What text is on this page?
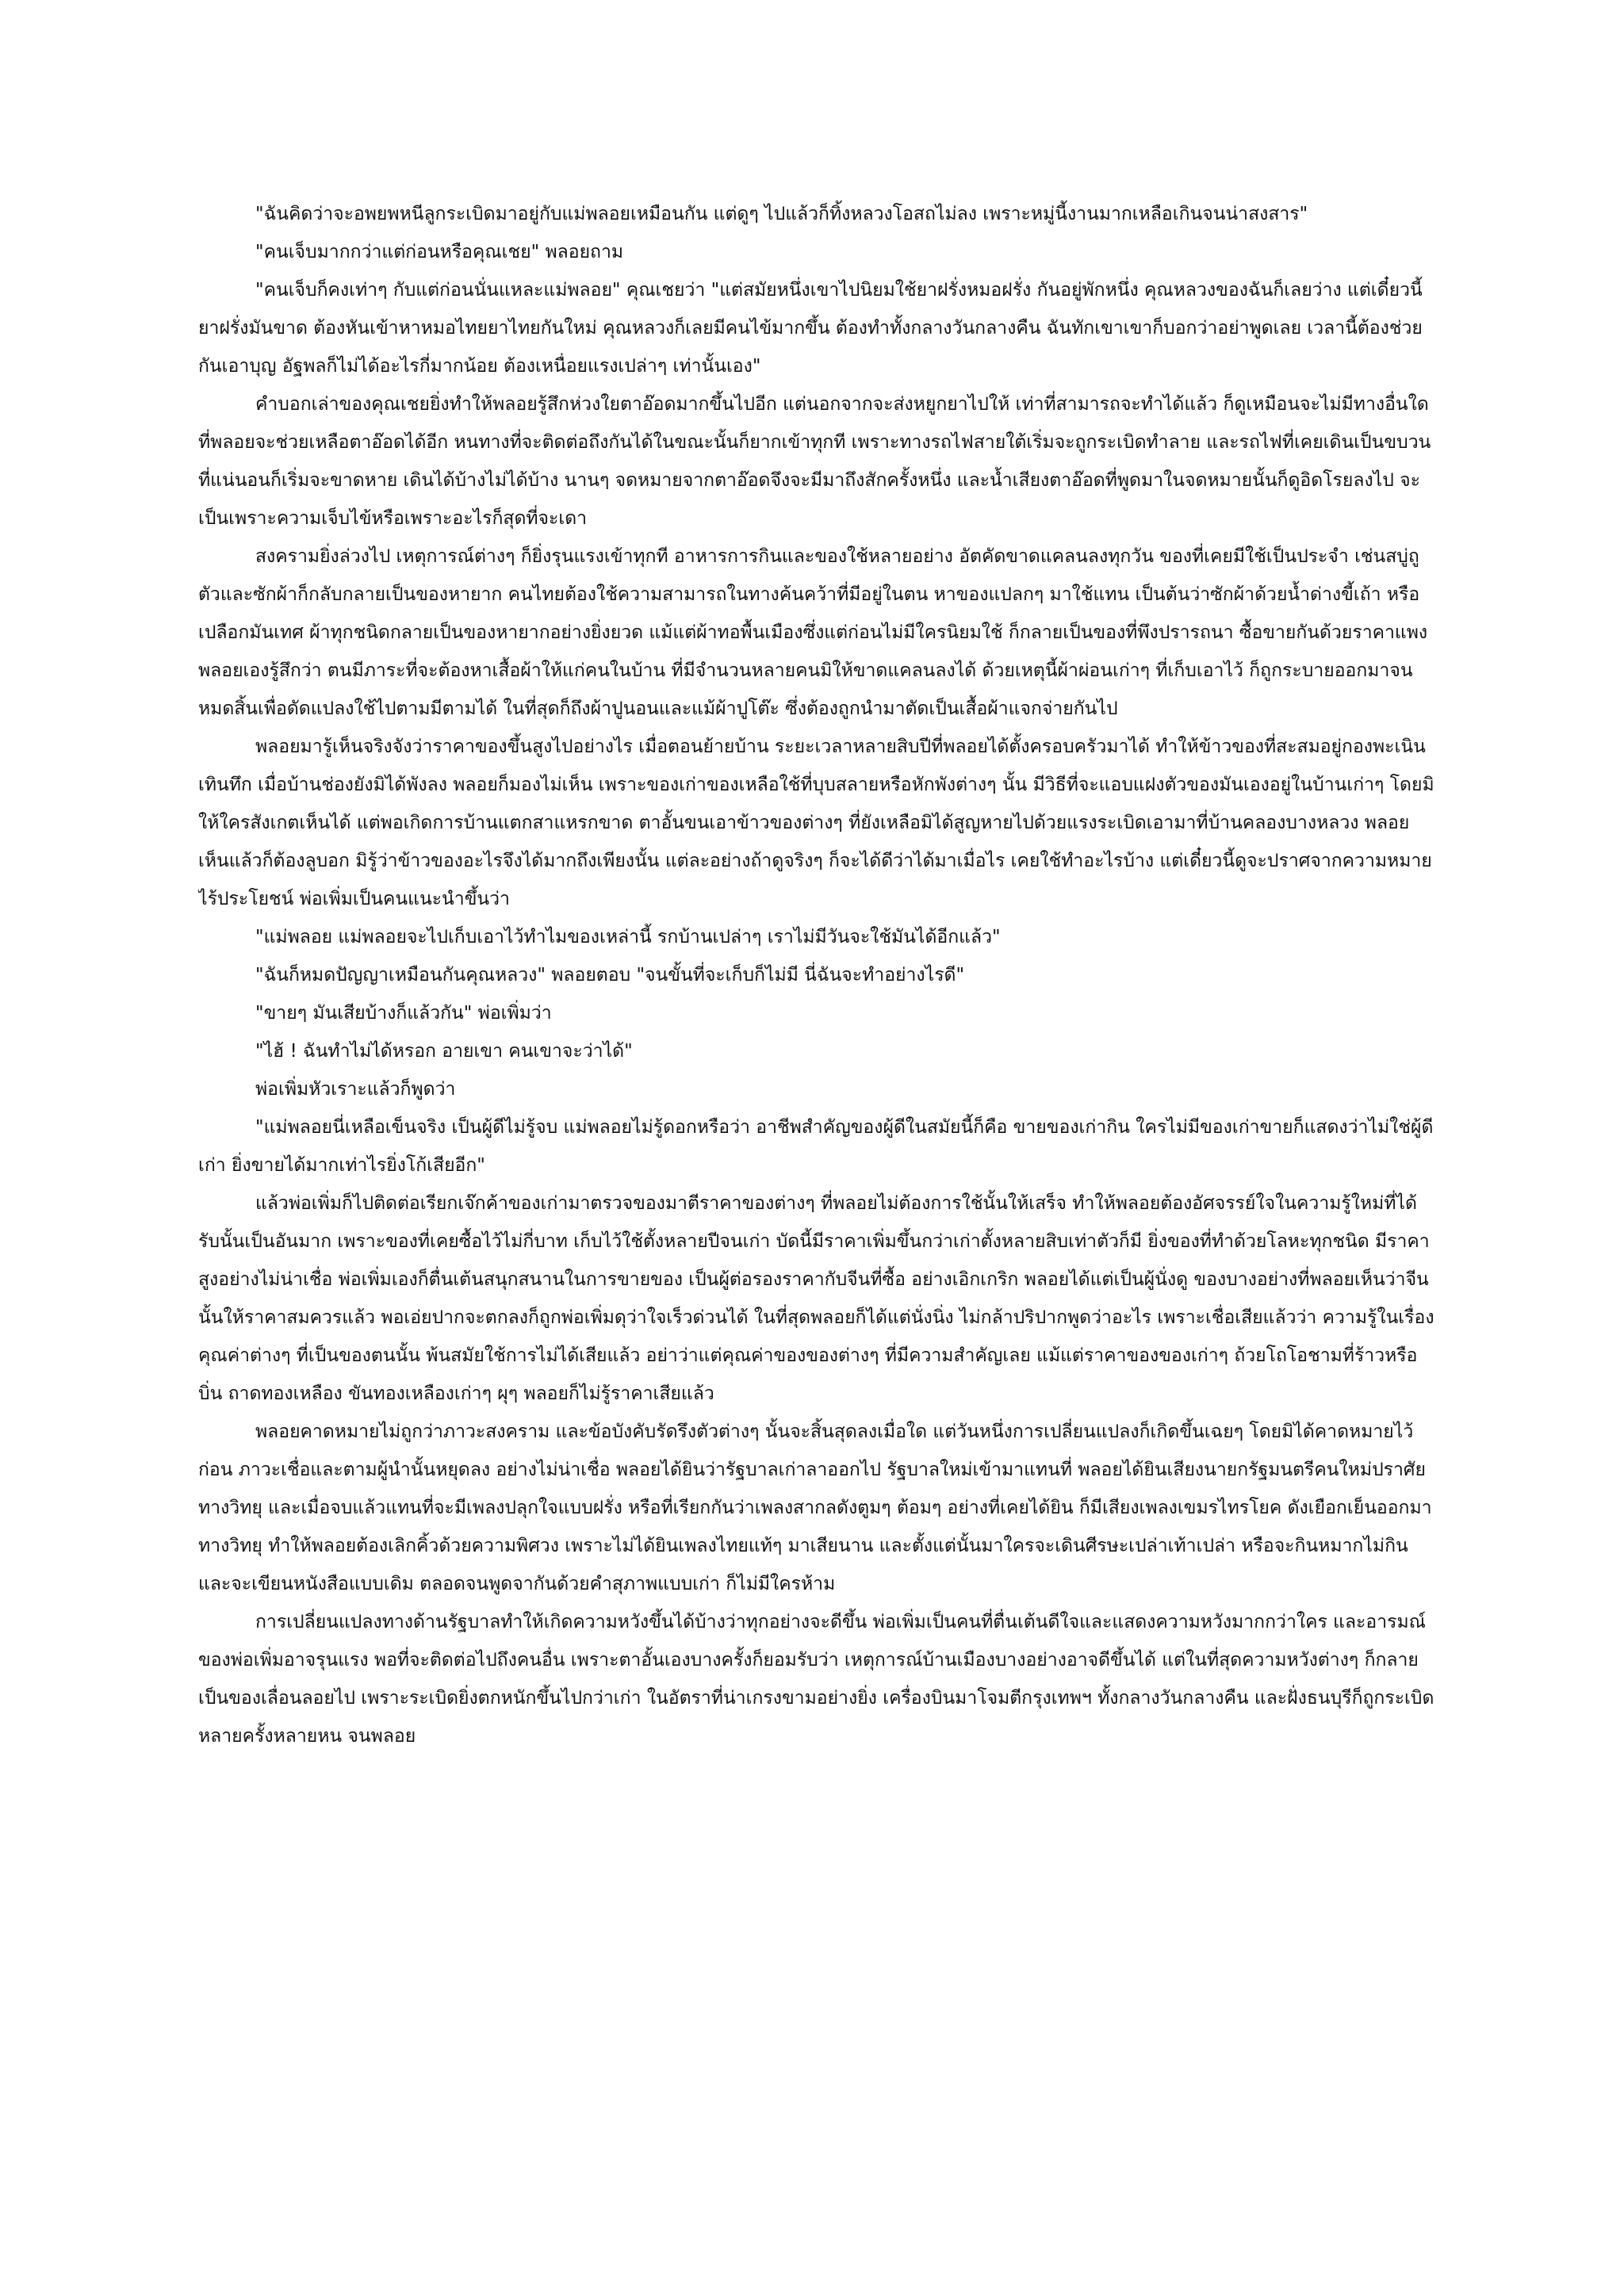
"ฉันคิดว่าจะอพยพหนีลูกระเบิดมาอยู่กับแม่พลอยเหมือนกัน แต่ดูๆ ไปแล้วก็ทิ้งหลวงโอสถไม่ลง เพราะหมู่นี้งานมากเหลือเกินจนน่าสงสาร"

"คนเจ็บมากกว่าแต่ก่อนหรือคุณเชย" พลอยถาม

"คนเจ็บก็คงเท่าๆ กับแต่ก่อนนั่นแหละแม่พลอย" คุณเชยว่า "แต่สมัยหนึ่งเขาไปนิยมใช้ยาฝรั่งหมอฝรั่ง กันอยู่พักหนึ่ง คุณหลวงของฉันก็เลยว่าง แต่เดี๋ยวนี้ยาฝรั่งมันขาด ต้องหันเข้าหาหมอไทยยาไทยกันใหม่ คุณหลวงก็เลยมีคนไข้มากขึ้น ต้องทำทั้งกลางวันกลางคืน ฉันทักเขาเขาก็บอกว่าอย่าพูดเลย เวลานี้ต้องช่วยกันเอาบุญ อัฐพลก็ไม่ได้อะไรกี่มากน้อย ต้องเหนื่อยแรงเปล่าๆ เท่านั้นเอง"

คำบอกเล่าของคุณเชยยิ่งทำให้พลอยรู้สึกห่วงใยตาอ๊อดมากขึ้นไปอีก แต่นอกจากจะส่งหยูกยาไปให้ เท่าที่สามารถจะทำได้แล้ว ก็ดูเหมือนจะไม่มีทางอื่นใดที่พลอยจะช่วยเหลือตาอ๊อดได้อีก หนทางที่จะติดต่อถึงกันได้ในขณะนั้นก็ยากเข้าทุกที เพราะทางรถไฟสายใต้เริ่มจะถูกระเบิดทำลาย และรถไฟที่เคยเดินเป็นขบวนที่แน่นอนก็เริ่มจะขาดหาย เดินได้บ้างไม่ได้บ้าง นานๆ จดหมายจากตาอ๊อดจึงจะมีมาถึงสักครั้งหนึ่ง และน้ำเสียงตาอ๊อดที่พูดมาในจดหมายนั้นก็ดูอิดโรยลงไป จะเป็นเพราะความเจ็บไข้หรือเพราะอะไรก็สุดที่จะเดา

สงครามยิ่งล่วงไป เหตุการณ์ต่างๆ ก็ยิ่งรุนแรงเข้าทุกที อาหารการกินและของใช้หลายอย่าง อัตคัดขาดแคลนลงทุกวัน ของที่เคยมีใช้เป็นประจำ เช่นสบู่ถูตัวและซักผ้าก็กลับกลายเป็นของหายาก คนไทยต้องใช้ความสามารถในทางค้นคว้าที่มีอยู่ในตน หาของแปลกๆ มาใช้แทน เป็นต้นว่าซักผ้าด้วยน้ำด่างขี้เถ้า หรือเปลือกมันเทศ ผ้าทุกชนิดกลายเป็นของหายากอย่างยิ่งยวด แม้แต่ผ้าทอพื้นเมืองซึ่งแต่ก่อนไม่มีใครนิยมใช้ ก็กลายเป็นของที่พึงปรารถนา ซื้อขายกันด้วยราคาแพง พลอยเองรู้สึกว่า ตนมีภาระที่จะต้องหาเสื้อผ้าให้แก่คนในบ้าน ที่มีจำนวนหลายคนมิให้ขาดแคลนลงได้ ด้วยเหตุนี้ผ้าผ่อนเก่าๆ ที่เก็บเอาไว้ ก็ถูกระบายออกมาจนหมดสิ้นเพื่อดัดแปลงใช้ไปตามมีตามได้ ในที่สุดก็ถึงผ้าปูนอนและแม้ผ้าปูโต๊ะ ซึ่งต้องถูกนำมาตัดเป็นเสื้อผ้าแจกจ่ายกันไป

พลอยมารู้เห็นจริงจังว่าราคาของขึ้นสูงไปอย่างไร เมื่อตอนย้ายบ้าน ระยะเวลาหลายสิบปีที่พลอยได้ตั้งครอบครัวมาได้ ทำให้ข้าวของที่สะสมอยู่กองพะเนินเทินทึก เมื่อบ้านช่องยังมิได้พังลง พลอยก็มองไม่เห็น เพราะของเก่าของเหลือใช้ที่บุบสลายหรือหักพังต่างๆ นั้น มีวิธีที่จะแอบแฝงตัวของมันเองอยู่ในบ้านเก่าๆ โดยมิให้ใครสังเกตเห็นได้ แต่พอเกิดการบ้านแตกสาแหรกขาด ตาอั้นขนเอาข้าวของต่างๆ ที่ยังเหลือมิได้สูญหายไปด้วยแรงระเบิดเอามาที่บ้านคลองบางหลวง พลอยเห็นแล้วก็ต้องลูบอก มิรู้ว่าข้าวของอะไรจึงได้มากถึงเพียงนั้น แต่ละอย่างถ้าดูจริงๆ ก็จะได้ดีว่าได้มาเมื่อไร เคยใช้ทำอะไรบ้าง แต่เดี๋ยวนี้ดูจะปราศจากความหมายไร้ประโยชน์ พ่อเพิ่มเป็นคนแนะนำขึ้นว่า

"แม่พลอย แม่พลอยจะไปเก็บเอาไว้ทำไมของเหล่านี้ รกบ้านเปล่าๆ เราไม่มีวันจะใช้มันได้อีกแล้ว"

"ฉันก็หมดปัญญาเหมือนกันคุณหลวง" พลอยตอบ "จนขั้นที่จะเก็บก็ไม่มี นี่ฉันจะทำอย่างไรดี"

"ขายๆ มันเสียบ้างก็แล้วกัน" พ่อเพิ่มว่า

"ไฮ้ ! ฉันทำไม่ได้หรอก อายเขา คนเขาจะว่าได้"

พ่อเพิ่มหัวเราะแล้วก็พูดว่า

"แม่พลอยนี่เหลือเข็นจริง เป็นผู้ดีไม่รู้จบ แม่พลอยไม่รู้ดอกหรือว่า อาชีพสำคัญของผู้ดีในสมัยนี้ก็คือ ขายของเก่ากิน ใครไม่มีของเก่าขายก็แสดงว่าไม่ใช่ผู้ดีเก่า ยิ่งขายได้มากเท่าไรยิ่งโก้เสียอีก"

แล้วพ่อเพิ่มก็ไปติดต่อเรียกเจ๊กค้าของเก่ามาตรวจของมาตีราคาของต่างๆ ที่พลอยไม่ต้องการใช้นั้นให้เสร็จ ทำให้พลอยต้องอัศจรรย์ใจในความรู้ใหม่ที่ได้รับนั้นเป็นอันมาก เพราะของที่เคยซื้อไว้ไม่กี่บาท เก็บไว้ใช้ตั้งหลายปีจนเก่า บัดนี้มีราคาเพิ่มขึ้นกว่าเก่าตั้งหลายสิบเท่าตัวก็มี ยิ่งของที่ทำด้วยโลหะทุกชนิด มีราคาสูงอย่างไม่น่าเชื่อ พ่อเพิ่มเองก็ตื่นเต้นสนุกสนานในการขายของ เป็นผู้ต่อรองราคากับจีนที่ซื้อ อย่างเอิกเกริก พลอยได้แต่เป็นผู้นั่งดู ของบางอย่างที่พลอยเห็นว่าจีนนั้นให้ราคาสมควรแล้ว พอเอ่ยปากจะตกลงก็ถูกพ่อเพิ่มดุว่าใจเร็วด่วนได้ ในที่สุดพลอยก็ได้แต่นั่งนิ่ง ไม่กล้าปริปากพูดว่าอะไร เพราะเชื่อเสียแล้วว่า ความรู้ในเรื่องคุณค่าต่างๆ ที่เป็นของตนนั้น พ้นสมัยใช้การไม่ได้เสียแล้ว อย่าว่าแต่คุณค่าของของต่างๆ ที่มีความสำคัญเลย แม้แต่ราคาของของเก่าๆ ถ้วยโถโอชามที่ร้าวหรือบิ่น ถาดทองเหลือง ขันทองเหลืองเก่าๆ ผุๆ พลอยก็ไม่รู้ราคาเสียแล้ว

พลอยคาดหมายไม่ถูกว่าภาวะสงคราม และข้อบังคับรัดรึงตัวต่างๆ นั้นจะสิ้นสุดลงเมื่อใด แต่วันหนึ่งการเปลี่ยนแปลงก็เกิดขึ้นเฉยๆ โดยมิได้คาดหมายไว้ก่อน ภาวะเชื่อและตามผู้นำนั้นหยุดลง อย่างไม่น่าเชื่อ พลอยได้ยินว่ารัฐบาลเก่าลาออกไป รัฐบาลใหม่เข้ามาแทนที่ พลอยได้ยินเสียงนายกรัฐมนตรีคนใหม่ปราศัยทางวิทยุ และเมื่อจบแล้วแทนที่จะมีเพลงปลุกใจแบบฝรั่ง หรือที่เรียกกันว่าเพลงสากลดังตูมๆ ต้อมๆ อย่างที่เคยได้ยิน ก็มีเสียงเพลงเขมรไทรโยค ดังเยือกเย็นออกมาทางวิทยุ ทำให้พลอยต้องเลิกคิ้วด้วยความพิศวง เพราะไม่ได้ยินเพลงไทยแท้ๆ มาเสียนาน และตั้งแต่นั้นมาใครจะเดินศีรษะเปล่าเท้าเปล่า หรือจะกินหมากไม่กิน และจะเขียนหนังสือแบบเดิม ตลอดจนพูดจากันด้วยคำสุภาพแบบเก่า ก็ไม่มีใครห้าม

การเปลี่ยนแปลงทางด้านรัฐบาลทำให้เกิดความหวังขึ้นได้บ้างว่าทุกอย่างจะดีขึ้น พ่อเพิ่มเป็นคนที่ตื่นเต้นดีใจและแสดงความหวังมากกว่าใคร และอารมณ์ของพ่อเพิ่มอาจรุนแรง พอที่จะติดต่อไปถึงคนอื่น เพราะตาอั้นเองบางครั้งก็ยอมรับว่า เหตุการณ์บ้านเมืองบางอย่างอาจดีขึ้นได้ แต่ในที่สุดความหวังต่างๆ ก็กลายเป็นของเลื่อนลอยไป เพราะระเบิดยิ่งตกหนักขึ้นไปกว่าเก่า ในอัตราที่น่าเกรงขามอย่างยิ่ง เครื่องบินมาโจมตีกรุงเทพฯ ทั้งกลางวันกลางคืน และฝั่งธนบุรีก็ถูกระเบิดหลายครั้งหลายหน จนพลอย
